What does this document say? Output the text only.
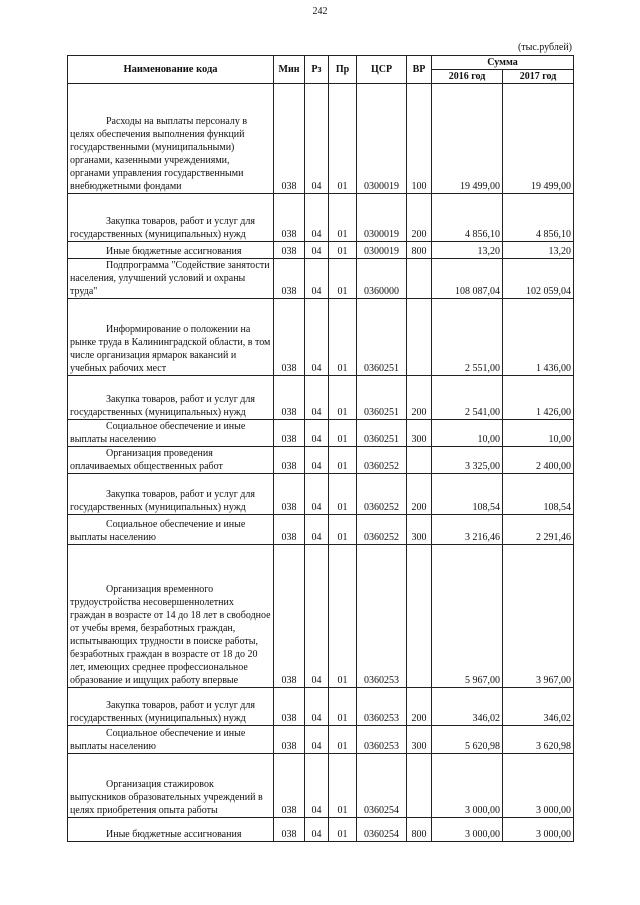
242
(тыс.рублей)
Наименование кода	Мин	Рз	Пр	ЦСР	ВР	Сумма	
						2016 год	2017 год
Расходы на выплаты персоналу в целях обеспечения выполнения функций государственными (муниципальными) органами, казенными учреждениями, органами управления государственными внебюджетными фондами	038	04	01	0300019	100	19 499,00	19 499,00
Закупка товаров, работ и услуг для государственных (муниципальных) нужд	038	04	01	0300019	200	4 856,10	4 856,10
Иные бюджетные ассигнования	038	04	01	0300019	800	13,20	13,20
Подпрограмма "Содействие занятости населения, улучшений условий и охраны труда"	038	04	01	0360000		108 087,04	102 059,04
Информирование о положении на рынке труда в Калининградской области, в том числе организация ярмарок вакансий и учебных рабочих мест	038	04	01	0360251		2 551,00	1 436,00
Закупка товаров, работ и услуг для государственных (муниципальных) нужд	038	04	01	0360251	200	2 541,00	1 426,00
Социальное обеспечение и иные выплаты населению	038	04	01	0360251	300	10,00	10,00
Организация проведения оплачиваемых общественных работ	038	04	01	0360252		3 325,00	2 400,00
Закупка товаров, работ и услуг для государственных (муниципальных) нужд	038	04	01	0360252	200	108,54	108,54
Социальное обеспечение и иные выплаты населению	038	04	01	0360252	300	3 216,46	2 291,46
Организация временного трудоустройства несовершеннолетних граждан в возрасте от 14 до 18 лет в свободное от учебы время, безработных граждан, испытывающих трудности в поиске работы, безработных граждан в возрасте от 18 до 20 лет, имеющих среднее профессиональное образование и ищущих работу впервые	038	04	01	0360253		5 967,00	3 967,00
Закупка товаров, работ и услуг для государственных (муниципальных) нужд	038	04	01	0360253	200	346,02	346,02
Социальное обеспечение и иные выплаты населению	038	04	01	0360253	300	5 620,98	3 620,98
Организация стажировок выпускников образовательных учреждений в целях приобретения опыта работы	038	04	01	0360254		3 000,00	3 000,00
Иные бюджетные ассигнования	038	04	01	0360254	800	3 000,00	3 000,00
